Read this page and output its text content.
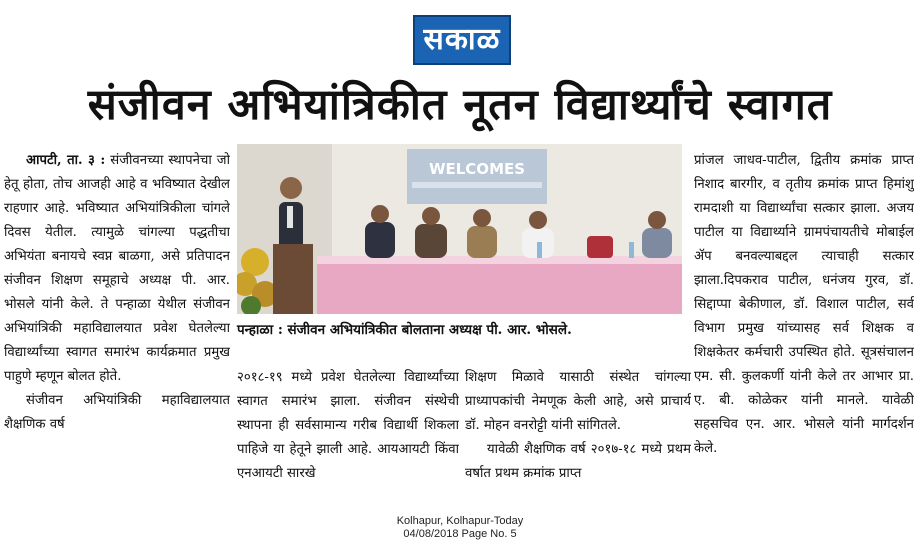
सकाळ
संजीवन अभियांत्रिकीत नूतन विद्यार्थ्यांचे स्वागत

आपटी, ता. ३ : संजीवनच्या स्थापनेचा जो हेतू होता, तोच आजही आहे व भविष्यात देखील राहणार आहे. भविष्यात अभियांत्रिकीला चांगले दिवस येतील. त्यामुळे चांगल्या पद्धतीचा अभियंता बनायचे स्वप्न बाळगा, असे प्रतिपादन संजीवन शिक्षण समूहाचे अध्यक्ष पी. आर. भोसले यांनी केले. ते पन्हाळा येथील संजीवन अभियांत्रिकी महाविद्यालयात प्रवेश घेतलेल्या विद्यार्थ्यांच्या स्वागत समारंभ कार्यक्रमात प्रमुख पाहुणे म्हणून बोलत होते.

संजीवन अभियांत्रिकी महाविद्यालयात शैक्षणिक वर्ष

WELCOMES

पन्हाळा : संजीवन अभियांत्रिकीत बोलताना अध्यक्ष पी. आर. भोसले.

२०१८-१९ मध्ये प्रवेश घेतलेल्या विद्यार्थ्यांच्या स्वागत समारंभ झाला. संजीवन संस्थेची स्थापना ही सर्वसामान्य गरीब विद्यार्थी शिकला पाहिजे या हेतूने झाली आहे. आयआयटी किंवा एनआयटी सारखे

शिक्षण मिळावे यासाठी संस्थेत चांगल्या प्राध्यापकांची नेमणूक केली आहे, असे प्राचार्य डॉ. मोहन वनरोट्टी यांनी सांगितले.

यावेळी शैक्षणिक वर्ष २०१७-१८ मध्ये प्रथम वर्षात प्रथम क्रमांक प्राप्त

प्रांजल जाधव-पाटील, द्वितीय क्रमांक प्राप्त निशाद बारगीर, व तृतीय क्रमांक प्राप्त हिमांशु रामदाशी या विद्यार्थ्यांचा सत्कार झाला. अजय पाटील या विद्यार्थ्याने ग्रामपंचायतीचे मोबाईल ॲप बनवल्याबद्दल त्याचाही सत्कार झाला.दिपकराव पाटील, धनंजय गुरव, डॉ. सिद्दाप्पा बेकीणाल, डॉ. विशाल पाटील, सर्व विभाग प्रमुख यांच्यासह सर्व शिक्षक व शिक्षकेतर कर्मचारी उपस्थित होते. सूत्रसंचालन एम. सी. कुलकर्णी यांनी केले तर आभार प्रा. ए. बी. कोळेकर यांनी मानले. यावेळी सहसचिव एन. आर. भोसले यांनी मार्गदर्शन केले.

Kolhapur, Kolhapur-Today
04/08/2018 Page No. 5
